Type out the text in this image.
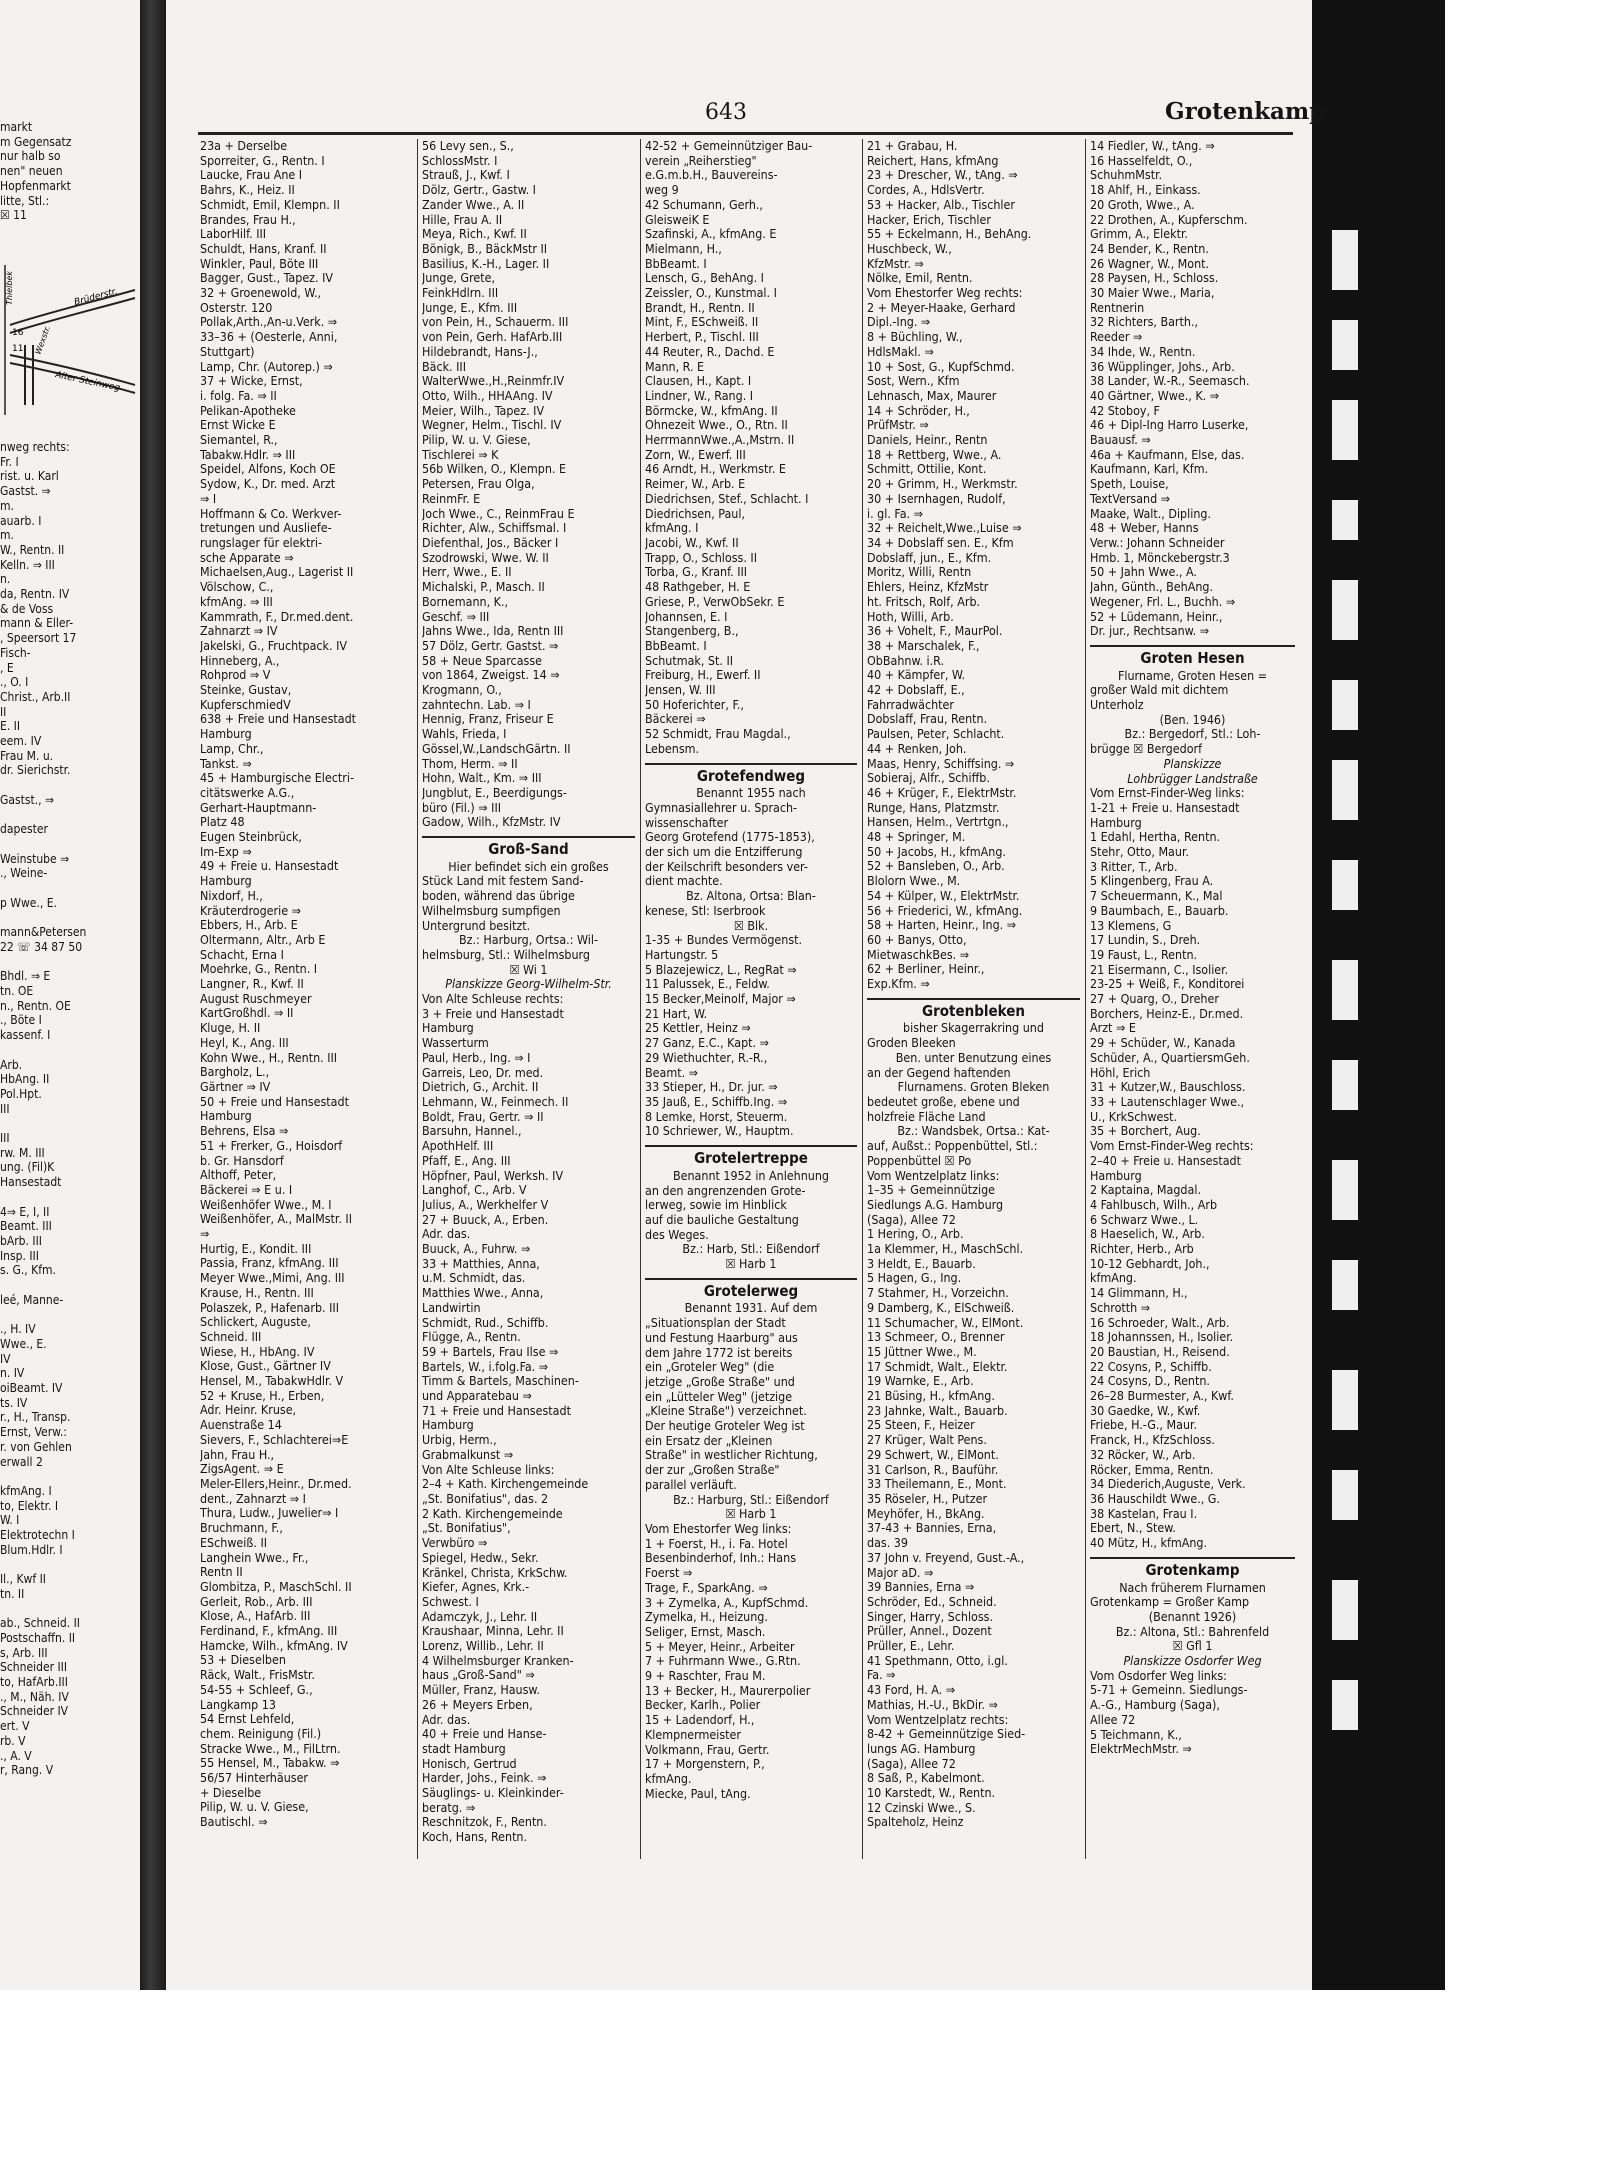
markt
m Gegensatz
nur halb so
nen" neuen
Hopfenmarkt
litte, Stl.:
☒ 11
Brüderstr.
Wexstr.
Alter Steinweg
Thielbek
16
11
nweg rechts:
Fr. I
rist. u. Karl
Gastst. ⇒
m.
auarb. I
m.
W., Rentn. II
Kelln. ⇒ III
n.
da, Rentn. IV
& de Voss
mann & Eller-
, Speersort 17
Fisch-
, E
., O. I
Christ., Arb.II
II
E. II
eem. IV
Frau M. u.
dr. Sierichstr.

Gastst., ⇒

dapester

Weinstube ⇒
., Weine-

p Wwe., E.

mann&Petersen
22 ☏ 34 87 50

Bhdl. ⇒ E
tn. OE
n., Rentn. OE
., Böte I
kassenf. I

Arb.
HbAng. II
Pol.Hpt.
III

III
rw. M. III
ung. (Fil)K
Hansestadt

4⇒ E, I, II
Beamt. III
bArb. III
Insp. III
s. G., Kfm.

leé, Manne-

., H. IV
Wwe., E.
IV
n. IV
oiBeamt. IV
ts. IV
r., H., Transp.
Ernst, Verw.:
r. von Gehlen
erwall 2

kfmAng. I
to, Elektr. I
W. I
Elektrotechn I
Blum.Hdlr. I

Il., Kwf II
tn. II

ab., Schneid. II
Postschaffn. II
s, Arb. III
Schneider III
to, HafArb.III
., M., Näh. IV
Schneider IV
ert. V
rb. V
., A. V
r, Rang. V
643	Grotenkamp
23a + Derselbe
Sporreiter, G., Rentn. I
Laucke, Frau Ane I
Bahrs, K., Heiz. II
Schmidt, Emil, Klempn. II
Brandes, Frau H.,
LaborHilf. III
Schuldt, Hans, Kranf. II
Winkler, Paul, Böte III
Bagger, Gust., Tapez. IV
32 + Groenewold, W.,
Osterstr. 120
Pollak,Arth.,An-u.Verk. ⇒
33–36 + (Oesterle, Anni,
Stuttgart)
Lamp, Chr. (Autorep.) ⇒
37 + Wicke, Ernst,
i. folg. Fa. ⇒ II
Pelikan-Apotheke
Ernst Wicke E
Siemantel, R.,
Tabakw.Hdlr. ⇒ III
Speidel, Alfons, Koch OE
Sydow, K., Dr. med. Arzt
⇒ I
Hoffmann & Co. Werkver-
tretungen und Ausliefe-
rungslager für elektri-
sche Apparate ⇒
Michaelsen,Aug., Lagerist II
Völschow, C.,
kfmAng. ⇒ III
Kammrath, F., Dr.med.dent.
Zahnarzt ⇒ IV
Jakelski, G., Fruchtpack. IV
Hinneberg, A.,
Rohprod ⇒ V
Steinke, Gustav,
KupferschmiedV
638 + Freie und Hansestadt
Hamburg
Lamp, Chr.,
Tankst. ⇒
45 + Hamburgische Electri-
citätswerke A.G.,
Gerhart-Hauptmann-
Platz 48
Eugen Steinbrück,
Im-Exp ⇒
49 + Freie u. Hansestadt
Hamburg
Nixdorf, H.,
Kräuterdrogerie ⇒
Ebbers, H., Arb. E
Oltermann, Altr., Arb E
Schacht, Erna I
Moehrke, G., Rentn. I
Langner, R., Kwf. II
August Ruschmeyer
KartGroßhdl. ⇒ II
Kluge, H. II
Heyl, K., Ang. III
Kohn Wwe., H., Rentn. III
Bargholz, L.,
Gärtner ⇒ IV
50 + Freie und Hansestadt
Hamburg
Behrens, Elsa ⇒
51 + Frerker, G., Hoisdorf
b. Gr. Hansdorf
Althoff, Peter,
Bäckerei ⇒ E u. I
Weißenhöfer Wwe., M. I
Weißenhöfer, A., MalMstr. II
⇒
Hurtig, E., Kondit. III
Passia, Franz, kfmAng. III
Meyer Wwe.,Mimi, Ang. III
Krause, H., Rentn. III
Polaszek, P., Hafenarb. III
Schlickert, Auguste,
Schneid. III
Wiese, H., HbAng. IV
Klose, Gust., Gärtner IV
Hensel, M., TabakwHdlr. V
52 + Kruse, H., Erben,
Adr. Heinr. Kruse,
Auenstraße 14
Sievers, F., Schlachterei⇒E
Jahn, Frau H.,
ZigsAgent. ⇒ E
Meler-Ellers,Heinr., Dr.med.
dent., Zahnarzt ⇒ I
Thura, Ludw., Juwelier⇒ I
Bruchmann, F.,
ESchweiß. II
Langhein Wwe., Fr.,
Rentn II
Glombitza, P., MaschSchl. II
Gerleit, Rob., Arb. III
Klose, A., HafArb. III
Ferdinand, F., kfmAng. III
Hamcke, Wilh., kfmAng. IV
53 + Dieselben
Räck, Walt., FrisMstr.
54-55 + Schleef, G.,
Langkamp 13
54 Ernst Lehfeld,
chem. Reinigung (Fil.)
Stracke Wwe., M., FilLtrn.
55 Hensel, M., Tabakw. ⇒
56/57 Hinterhäuser
+ Dieselbe
Pilip, W. u. V. Giese,
Bautischl. ⇒
56 Levy sen., S.,
SchlossMstr. I
Strauß, J., Kwf. I
Dölz, Gertr., Gastw. I
Zander Wwe., A. II
Hille, Frau A. II
Meya, Rich., Kwf. II
Bönigk, B., BäckMstr II
Basilius, K.-H., Lager. II
Junge, Grete,
FeinkHdlrn. III
Junge, E., Kfm. III
von Pein, H., Schauerm. III
von Pein, Gerh. HafArb.III
Hildebrandt, Hans-J.,
Bäck. III
WalterWwe.,H.,Reinmfr.IV
Otto, Wilh., HHAAng. IV
Meier, Wilh., Tapez. IV
Wegner, Helm., Tischl. IV
Pilip, W. u. V. Giese,
Tischlerei ⇒ K
56b Wilken, O., Klempn. E
Petersen, Frau Olga,
ReinmFr. E
Joch Wwe., C., ReinmFrau E
Richter, Alw., Schiffsmal. I
Diefenthal, Jos., Bäcker I
Szodrowski, Wwe. W. II
Herr, Wwe., E. II
Michalski, P., Masch. II
Bornemann, K.,
Geschf. ⇒ III
Jahns Wwe., Ida, Rentn III
57 Dölz, Gertr. Gastst. ⇒
58 + Neue Sparcasse
von 1864, Zweigst. 14 ⇒
Krogmann, O.,
zahntechn. Lab. ⇒ I
Hennig, Franz, Friseur E
Wahls, Frieda, I
Gössel,W.,LandschGärtn. II
Thom, Herm. ⇒ II
Hohn, Walt., Km. ⇒ III
Jungblut, E., Beerdigungs-
büro (Fil.) ⇒ III
Gadow, Wilh., KfzMstr. IV
Groß-Sand
Hier befindet sich ein großes
Stück Land mit festem Sand-
boden, während das übrige
Wilhelmsburg sumpfigen
Untergrund besitzt.
Bz.: Harburg, Ortsa.: Wil-
helmsburg, Stl.: Wilhelmsburg
☒ Wi 1
Planskizze Georg-Wilhelm-Str.
Von Alte Schleuse rechts:
3 + Freie und Hansestadt
Hamburg
Wasserturm
Paul, Herb., Ing. ⇒ I
Garreis, Leo, Dr. med.
Dietrich, G., Archit. II
Lehmann, W., Feinmech. II
Boldt, Frau, Gertr. ⇒ II
Barsuhn, Hannel.,
ApothHelf. III
Pfaff, E., Ang. III
Höpfner, Paul, Werksh. IV
Langhof, C., Arb. V
Julius, A., Werkhelfer V
27 + Buuck, A., Erben.
Adr. das.
Buuck, A., Fuhrw. ⇒
33 + Matthies, Anna,
u.M. Schmidt, das.
Matthies Wwe., Anna,
Landwirtin
Schmidt, Rud., Schiffb.
Flügge, A., Rentn.
59 + Bartels, Frau Ilse ⇒
Bartels, W., i.folg.Fa. ⇒
Timm & Bartels, Maschinen-
und Apparatebau ⇒
71 + Freie und Hansestadt
Hamburg
Urbig, Herm.,
Grabmalkunst ⇒
Von Alte Schleuse links:
2–4 + Kath. Kirchengemeinde
„St. Bonifatius", das. 2
2 Kath. Kirchengemeinde
„St. Bonifatius",
Verwbüro ⇒
Spiegel, Hedw., Sekr.
Kränkel, Christa, KrkSchw.
Kiefer, Agnes, Krk.-
Schwest. I
Adamczyk, J., Lehr. II
Kraushaar, Minna, Lehr. II
Lorenz, Willib., Lehr. II
4 Wilhelmsburger Kranken-
haus „Groß-Sand" ⇒
Müller, Franz, Hausw.
26 + Meyers Erben,
Adr. das.
40 + Freie und Hanse-
stadt Hamburg
Honisch, Gertrud
Harder, Johs., Feink. ⇒
Säuglings- u. Kleinkinder-
beratg. ⇒
Reschnitzok, F., Rentn.
Koch, Hans, Rentn.
42-52 + Gemeinnütziger Bau-
verein „Reiherstieg"
e.G.m.b.H., Bauvereins-
weg 9
42 Schumann, Gerh.,
GleisweiK E
Szafinski, A., kfmAng. E
Mielmann, H.,
BbBeamt. I
Lensch, G., BehAng. I
Zeissler, O., Kunstmal. I
Brandt, H., Rentn. II
Mint, F., ESchweiß. II
Herbert, P., Tischl. III
44 Reuter, R., Dachd. E
Mann, R. E
Clausen, H., Kapt. I
Lindner, W., Rang. I
Börmcke, W., kfmAng. II
Ohnezeit Wwe., O., Rtn. II
HerrmannWwe.,A.,Mstrn. II
Zorn, W., Ewerf. III
46 Arndt, H., Werkmstr. E
Reimer, W., Arb. E
Diedrichsen, Stef., Schlacht. I
Diedrichsen, Paul,
kfmAng. I
Jacobi, W., Kwf. II
Trapp, O., Schloss. II
Torba, G., Kranf. III
48 Rathgeber, H. E
Griese, P., VerwObSekr. E
Johannsen, E. I
Stangenberg, B.,
BbBeamt. I
Schutmak, St. II
Freiburg, H., Ewerf. II
Jensen, W. III
50 Hoferichter, F.,
Bäckerei ⇒
52 Schmidt, Frau Magdal.,
Lebensm.
Grotefendweg
Benannt 1955 nach
Gymnasiallehrer u. Sprach-
wissenschafter
Georg Grotefend (1775-1853),
der sich um die Entzifferung
der Keilschrift besonders ver-
dient machte.
Bz. Altona, Ortsa: Blan-
kenese, Stl: Iserbrook
☒ Blk.
1-35 + Bundes Vermögenst.
Hartungstr. 5
5 Blazejewicz, L., RegRat ⇒
11 Palussek, E., Feldw.
15 Becker,Meinolf, Major ⇒
21 Hart, W.
25 Kettler, Heinz ⇒
27 Ganz, E.C., Kapt. ⇒
29 Wiethuchter, R.-R.,
Beamt. ⇒
33 Stieper, H., Dr. jur. ⇒
35 Jauß, E., Schiffb.Ing. ⇒
8 Lemke, Horst, Steuerm.
10 Schriewer, W., Hauptm.
Grotelertreppe
Benannt 1952 in Anlehnung
an den angrenzenden Grote-
lerweg, sowie im Hinblick
auf die bauliche Gestaltung
des Weges.
Bz.: Harb, Stl.: Eißendorf
☒ Harb 1
Grotelerweg
Benannt 1931. Auf dem
„Situationsplan der Stadt
und Festung Haarburg" aus
dem Jahre 1772 ist bereits
ein „Groteler Weg" (die
jetzige „Große Straße" und
ein „Lütteler Weg" (jetzige
„Kleine Straße") verzeichnet.
Der heutige Groteler Weg ist
ein Ersatz der „Kleinen
Straße" in westlicher Richtung,
der zur „Großen Straße"
parallel verläuft.
Bz.: Harburg, Stl.: Eißendorf
☒ Harb 1
Vom Ehestorfer Weg links:
1 + Foerst, H., i. Fa. Hotel
Besenbinderhof, Inh.: Hans
Foerst ⇒
Trage, F., SparkAng. ⇒
3 + Zymelka, A., KupfSchmd.
Zymelka, H., Heizung.
Seliger, Ernst, Masch.
5 + Meyer, Heinr., Arbeiter
7 + Fuhrmann Wwe., G.Rtn.
9 + Raschter, Frau M.
13 + Becker, H., Maurerpolier
Becker, Karlh., Polier
15 + Ladendorf, H.,
Klempnermeister
Volkmann, Frau, Gertr.
17 + Morgenstern, P.,
kfmAng.
Miecke, Paul, tAng.
21 + Grabau, H.
Reichert, Hans, kfmAng
23 + Drescher, W., tAng. ⇒
Cordes, A., HdlsVertr.
53 + Hacker, Alb., Tischler
Hacker, Erich, Tischler
55 + Eckelmann, H., BehAng.
Huschbeck, W.,
KfzMstr. ⇒
Nölke, Emil, Rentn.
Vom Ehestorfer Weg rechts:
2 + Meyer-Haake, Gerhard
Dipl.-Ing. ⇒
8 + Büchling, W.,
HdlsMakl. ⇒
10 + Sost, G., KupfSchmd.
Sost, Wern., Kfm
Lehnasch, Max, Maurer
14 + Schröder, H.,
PrüfMstr. ⇒
Daniels, Heinr., Rentn
18 + Rettberg, Wwe., A.
Schmitt, Ottilie, Kont.
20 + Grimm, H., Werkmstr.
30 + Isernhagen, Rudolf,
i. gl. Fa. ⇒
32 + Reichelt,Wwe.,Luise ⇒
34 + Dobslaff sen. E., Kfm
Dobslaff, jun., E., Kfm.
Moritz, Willi, Rentn
Ehlers, Heinz, KfzMstr
ht. Fritsch, Rolf, Arb.
Hoth, Willi, Arb.
36 + Vohelt, F., MaurPol.
38 + Marschalek, F.,
ObBahnw. i.R.
40 + Kämpfer, W.
42 + Dobslaff, E.,
Fahrradwächter
Dobslaff, Frau, Rentn.
Paulsen, Peter, Schlacht.
44 + Renken, Joh.
Maas, Henry, Schiffsing. ⇒
Sobieraj, Alfr., Schiffb.
46 + Krüger, F., ElektrMstr.
Runge, Hans, Platzmstr.
Hansen, Helm., Vertrtgn.,
48 + Springer, M.
50 + Jacobs, H., kfmAng.
52 + Bansleben, O., Arb.
Blolorn Wwe., M.
54 + Külper, W., ElektrMstr.
56 + Friederici, W., kfmAng.
58 + Harten, Heinr., Ing. ⇒
60 + Banys, Otto,
MietwaschkBes. ⇒
62 + Berliner, Heinr.,
Exp.Kfm. ⇒
Grotenbleken
bisher Skagerrakring und
Groden Bleeken
Ben. unter Benutzung eines
an der Gegend haftenden
Flurnamens. Groten Bleken
bedeutet große, ebene und
holzfreie Fläche Land
Bz.: Wandsbek, Ortsa.: Kat-
auf, Außst.: Poppenbüttel, Stl.:
Poppenbüttel ☒ Po
Vom Wentzelplatz links:
1–35 + Gemeinnützige
Siedlungs A.G. Hamburg
(Saga), Allee 72
1 Hering, O., Arb.
1a Klemmer, H., MaschSchl.
3 Heldt, E., Bauarb.
5 Hagen, G., Ing.
7 Stahmer, H., Vorzeichn.
9 Damberg, K., ElSchweiß.
11 Schumacher, W., ElMont.
13 Schmeer, O., Brenner
15 Jüttner Wwe., M.
17 Schmidt, Walt., Elektr.
19 Warnke, E., Arb.
21 Büsing, H., kfmAng.
23 Jahnke, Walt., Bauarb.
25 Steen, F., Heizer
27 Krüger, Walt Pens.
29 Schwert, W., ElMont.
31 Carlson, R., Bauführ.
33 Theilemann, E., Mont.
35 Röseler, H., Putzer
Meyhöfer, H., BkAng.
37-43 + Bannies, Erna,
das. 39
37 John v. Freyend, Gust.-A.,
Major aD. ⇒
39 Bannies, Erna ⇒
Schröder, Ed., Schneid.
Singer, Harry, Schloss.
Prüller, Annel., Dozent
Prüller, E., Lehr.
41 Spethmann, Otto, i.gl.
Fa. ⇒
43 Ford, H. A. ⇒
Mathias, H.-U., BkDir. ⇒
Vom Wentzelplatz rechts:
8-42 + Gemeinnützige Sied-
lungs AG. Hamburg
(Saga), Allee 72
8 Saß, P., Kabelmont.
10 Karstedt, W., Rentn.
12 Czinski Wwe., S.
Spalteholz, Heinz
14 Fiedler, W., tAng. ⇒
16 Hasselfeldt, O.,
SchuhmMstr.
18 Ahlf, H., Einkass.
20 Groth, Wwe., A.
22 Drothen, A., Kupferschm.
Grimm, A., Elektr.
24 Bender, K., Rentn.
26 Wagner, W., Mont.
28 Paysen, H., Schloss.
30 Maier Wwe., Maria,
Rentnerin
32 Richters, Barth.,
Reeder ⇒
34 Ihde, W., Rentn.
36 Wüpplinger, Johs., Arb.
38 Lander, W.-R., Seemasch.
40 Gärtner, Wwe., K. ⇒
42 Stoboy, F
46 + Dipl-Ing Harro Luserke,
Bauausf. ⇒
46a + Kaufmann, Else, das.
Kaufmann, Karl, Kfm.
Speth, Louise,
TextVersand ⇒
Maake, Walt., Dipling.
48 + Weber, Hanns
Verw.: Johann Schneider
Hmb. 1, Mönckebergstr.3
50 + Jahn Wwe., A.
Jahn, Günth., BehAng.
Wegener, Frl. L., Buchh. ⇒
52 + Lüdemann, Heinr.,
Dr. jur., Rechtsanw. ⇒
Groten Hesen
Flurname, Groten Hesen =
großer Wald mit dichtem
Unterholz
(Ben. 1946)
Bz.: Bergedorf, Stl.: Loh-
brügge ☒ Bergedorf
Planskizze
Lohbrügger Landstraße
Vom Ernst-Finder-Weg links:
1-21 + Freie u. Hansestadt
Hamburg
1 Edahl, Hertha, Rentn.
Stehr, Otto, Maur.
3 Ritter, T., Arb.
5 Klingenberg, Frau A.
7 Scheuermann, K., Mal
9 Baumbach, E., Bauarb.
13 Klemens, G
17 Lundin, S., Dreh.
19 Faust, L., Rentn.
21 Eisermann, C., Isolier.
23-25 + Weiß, F., Konditorei
27 + Quarg, O., Dreher
Borchers, Heinz-E., Dr.med.
Arzt ⇒ E
29 + Schüder, W., Kanada
Schüder, A., QuartiersmGeh.
Höhl, Erich
31 + Kutzer,W., Bauschloss.
33 + Lautenschlager Wwe.,
U., KrkSchwest.
35 + Borchert, Aug.
Vom Ernst-Finder-Weg rechts:
2–40 + Freie u. Hansestadt
Hamburg
2 Kaptaina, Magdal.
4 Fahlbusch, Wilh., Arb
6 Schwarz Wwe., L.
8 Haeselich, W., Arb.
Richter, Herb., Arb
10-12 Gebhardt, Joh.,
kfmAng.
14 Glimmann, H.,
Schrotth ⇒
16 Schroeder, Walt., Arb.
18 Johannssen, H., Isolier.
20 Baustian, H., Reisend.
22 Cosyns, P., Schiffb.
24 Cosyns, D., Rentn.
26–28 Burmester, A., Kwf.
30 Gaedke, W., Kwf.
Friebe, H.-G., Maur.
Franck, H., KfzSchloss.
32 Röcker, W., Arb.
Röcker, Emma, Rentn.
34 Diederich,Auguste, Verk.
36 Hauschildt Wwe., G.
38 Kastelan, Frau I.
Ebert, N., Stew.
40 Mütz, H., kfmAng.
Grotenkamp
Nach früherem Flurnamen
Grotenkamp = Großer Kamp
(Benannt 1926)
Bz.: Altona, Stl.: Bahrenfeld
☒ Gfl 1
Planskizze Osdorfer Weg
Vom Osdorfer Weg links:
5-71 + Gemeinn. Siedlungs-
A.-G., Hamburg (Saga),
Allee 72
5 Teichmann, K.,
ElektrMechMstr. ⇒
